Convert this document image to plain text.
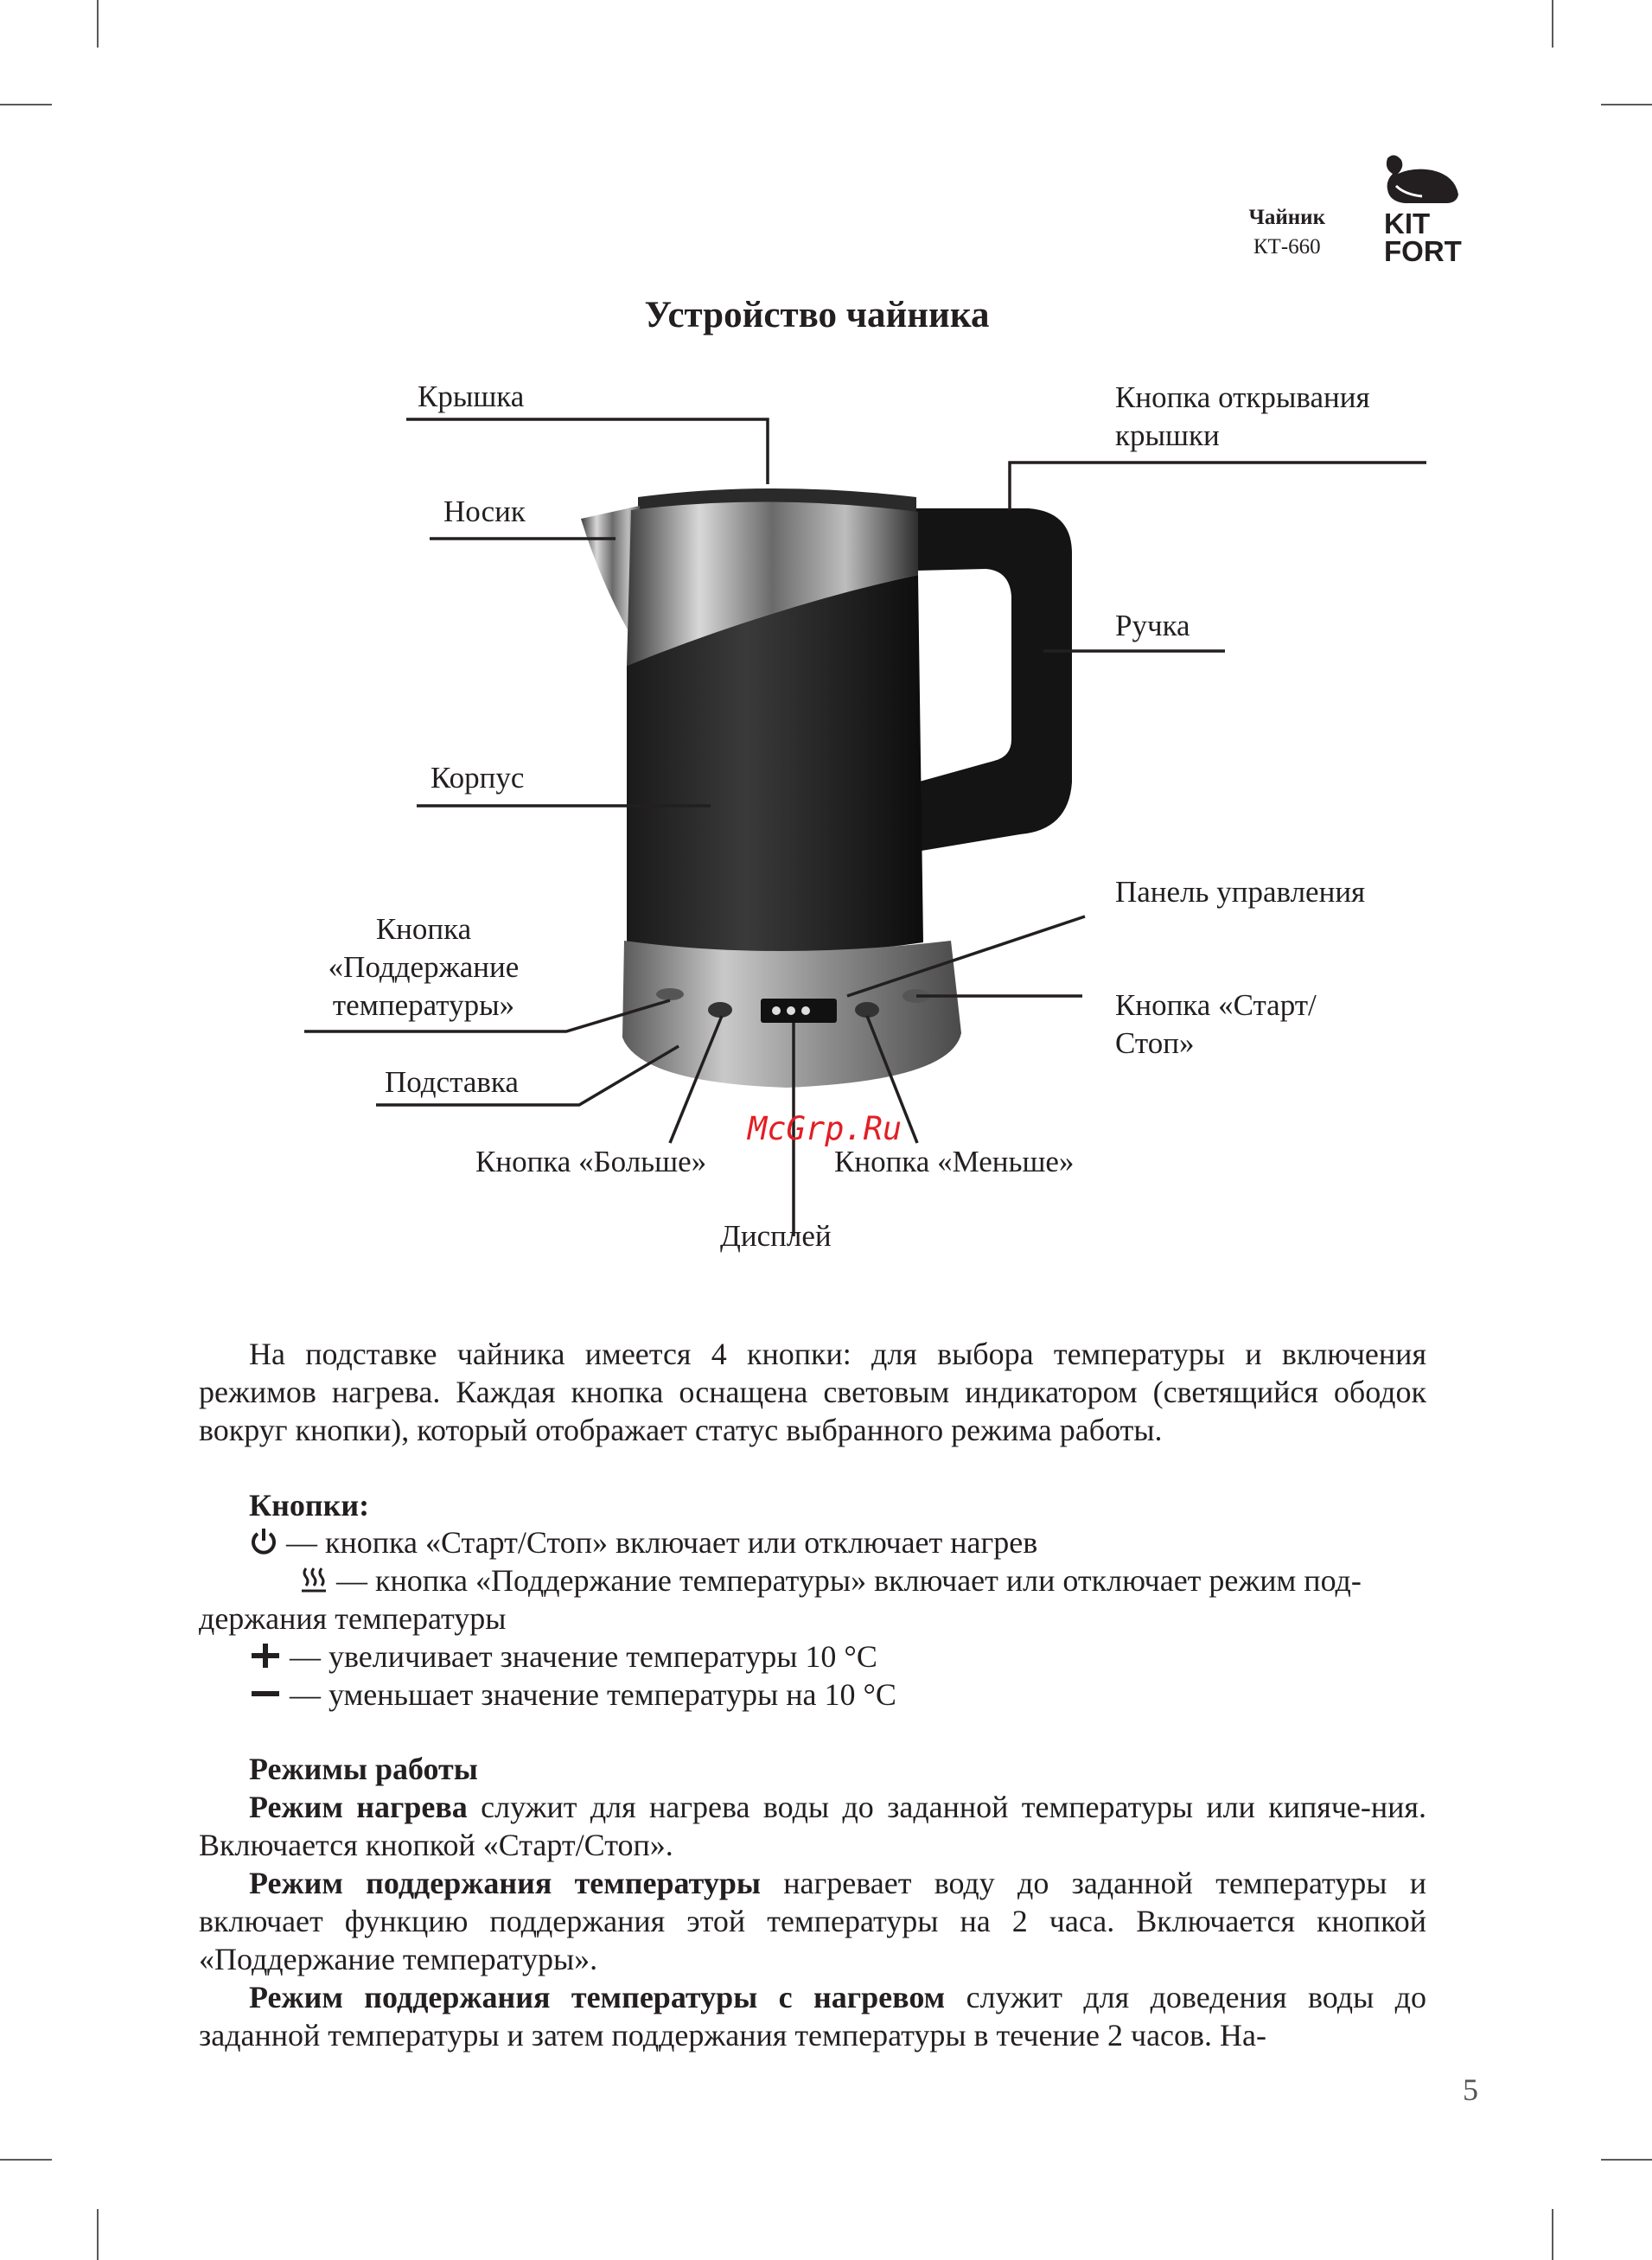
Чайник
КТ-660
KIT
FORT
Устройство чайника
Крышка
Носик
Корпус
Кнопка
«Поддержание
температуры»
Подставка
Кнопка «Больше»
Дисплей
Кнопка «Меньше»
Кнопка открывания
крышки
Ручка
Панель управления
Кнопка «Старт/
Стоп»
McGrp.Ru
На подставке чайника имеется 4 кнопки: для выбора температуры и включения режимов нагрева. Каждая кнопка оснащена световым индикатором (светящийся ободок вокруг кнопки), который отображает статус выбранного режима работы.
Кнопки:
— кнопка «Старт/Стоп» включает или отключает нагрев
— кнопка «Поддержание температуры» включает или отключает режим под-
держания температуры
— увеличивает значение температуры 10 °C
— уменьшает значение температуры на 10 °C
Режимы работы
Режим нагрева служит для нагрева воды до заданной температуры или кипяче-ния. Включается кнопкой «Старт/Стоп».
Режим поддержания температуры нагревает воду до заданной температуры и включает функцию поддержания этой температуры на 2 часа. Включается кнопкой «Поддержание температуры».
Режим поддержания температуры с нагревом служит для доведения воды до заданной температуры и затем поддержания температуры в течение 2 часов. На-
5
